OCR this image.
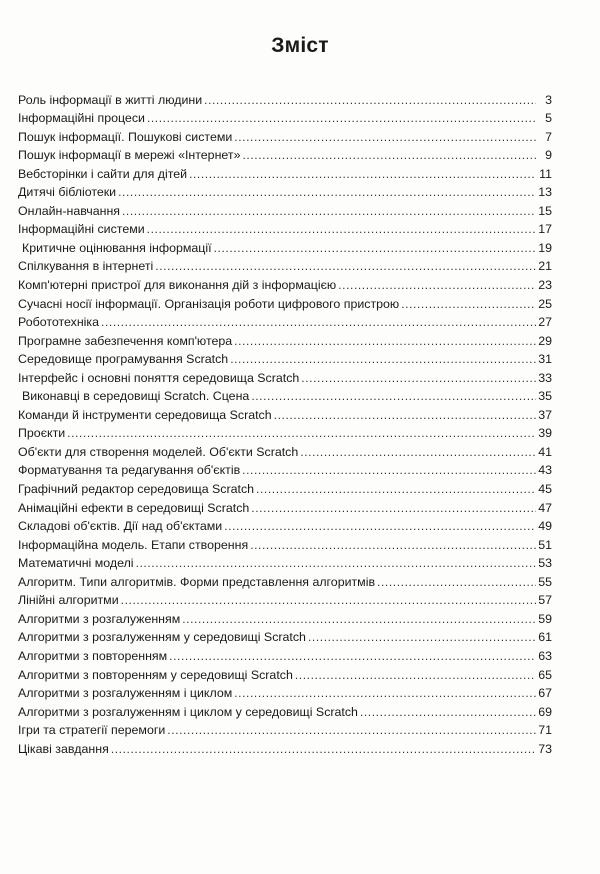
Зміст
Роль інформації в житті людини .....	3
Інформаційні процеси .....	5
Пошук інформації. Пошукові системи .....	7
Пошук інформації в мережі «Інтернет» .....	9
Вебсторінки і сайти для дітей .....	11
Дитячі бібліотеки .....	13
Онлайн-навчання .....	15
Інформаційні системи .....	17
Критичне оцінювання інформації .....	19
Спілкування в інтернеті .....	21
Комп'ютерні пристрої для виконання дій з інформацією .....	23
Сучасні носії інформації. Організація роботи цифрового пристрою .....	25
Робототехніка .....	27
Програмне забезпечення комп'ютера .....	29
Середовище програмування Scratch .....	31
Інтерфейс і основні поняття середовища Scratch .....	33
Виконавці в середовищі Scratch. Сцена .....	35
Команди й інструменти середовища Scratch .....	37
Проєкти .....	39
Об'єкти для створення моделей. Об'єкти Scratch .....	41
Форматування та редагування об'єктів .....	43
Графічний редактор середовища Scratch .....	45
Анімаційні ефекти в середовищі Scratch .....	47
Складові об'єктів. Дії над об'єктами .....	49
Інформаційна модель. Етапи створення .....	51
Математичні моделі .....	53
Алгоритм. Типи алгоритмів. Форми представлення алгоритмів .....	55
Лінійні алгоритми .....	57
Алгоритми з розгалуженням .....	59
Алгоритми з розгалуженням у середовищі Scratch .....	61
Алгоритми з повторенням .....	63
Алгоритми з повторенням у середовищі Scratch .....	65
Алгоритми з розгалуженням і циклом .....	67
Алгоритми з розгалуженням і циклом у середовищі Scratch .....	69
Ігри та стратегії перемоги .....	71
Цікаві завдання .....	73
